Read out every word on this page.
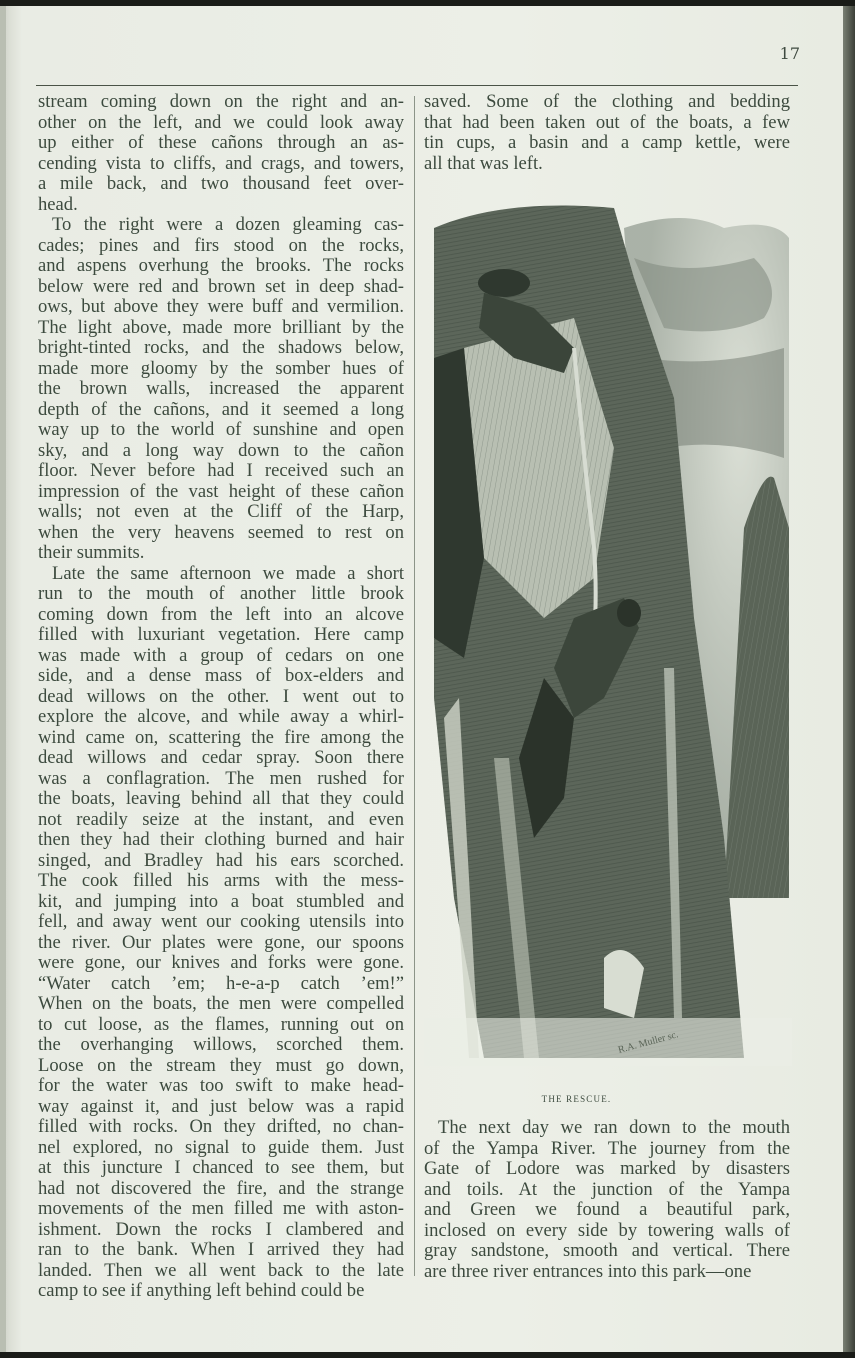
17

stream coming down on the right and an-
other on the left, and we could look away
up either of these cañons through an as-
cending vista to cliffs, and crags, and towers,
a mile back, and two thousand feet over-
head.

To the right were a dozen gleaming cas-
cades; pines and firs stood on the rocks,
and aspens overhung the brooks. The rocks
below were red and brown set in deep shad-
ows, but above they were buff and vermilion.
The light above, made more brilliant by the
bright-tinted rocks, and the shadows below,
made more gloomy by the somber hues of
the brown walls, increased the apparent
depth of the cañons, and it seemed a long
way up to the world of sunshine and open
sky, and a long way down to the cañon
floor. Never before had I received such an
impression of the vast height of these cañon
walls; not even at the Cliff of the Harp,
when the very heavens seemed to rest on
their summits.

Late the same afternoon we made a short
run to the mouth of another little brook
coming down from the left into an alcove
filled with luxuriant vegetation. Here camp
was made with a group of cedars on one
side, and a dense mass of box-elders and
dead willows on the other. I went out to
explore the alcove, and while away a whirl-
wind came on, scattering the fire among the
dead willows and cedar spray. Soon there
was a conflagration. The men rushed for
the boats, leaving behind all that they could
not readily seize at the instant, and even
then they had their clothing burned and hair
singed, and Bradley had his ears scorched.
The cook filled his arms with the mess-
kit, and jumping into a boat stumbled and
fell, and away went our cooking utensils into
the river. Our plates were gone, our spoons
were gone, our knives and forks were gone.
“Water catch ’em; h-e-a-p catch ’em!”
When on the boats, the men were compelled
to cut loose, as the flames, running out on
the overhanging willows, scorched them.
Loose on the stream they must go down,
for the water was too swift to make head-
way against it, and just below was a rapid
filled with rocks. On they drifted, no chan-
nel explored, no signal to guide them. Just
at this juncture I chanced to see them, but
had not discovered the fire, and the strange
movements of the men filled me with aston-
ishment. Down the rocks I clambered and
ran to the bank. When I arrived they had
landed. Then we all went back to the late
camp to see if anything left behind could be

saved. Some of the clothing and bedding
that had been taken out of the boats, a few
tin cups, a basin and a camp kettle, were
all that was left.
R.A. Muller sc.
THE RESCUE.
The next day we ran down to the mouth
of the Yampa River. The journey from the
Gate of Lodore was marked by disasters
and toils. At the junction of the Yampa
and Green we found a beautiful park,
inclosed on every side by towering walls of
gray sandstone, smooth and vertical. There
are three river entrances into this park—one
